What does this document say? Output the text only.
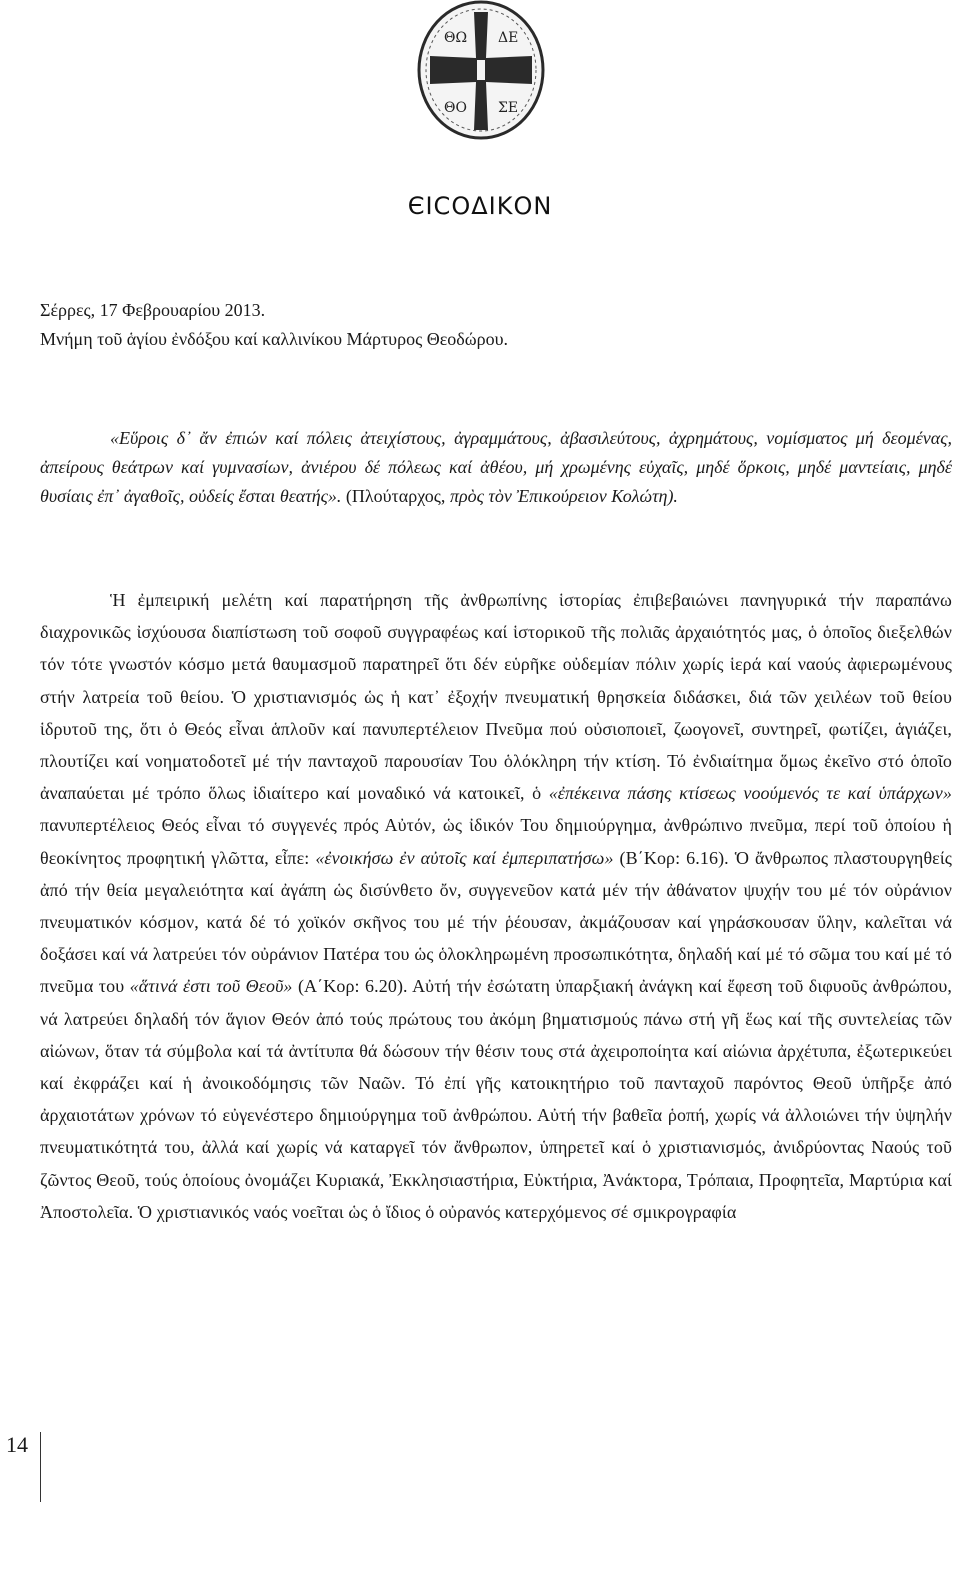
ΘΩ ΔΕ
ΘΟ ΣΕ
ЄΙϹΟΔΙΚΟΝ
Σέρρες, 17 Φεβρουαρίου 2013.
Μνήμη τοῦ ἁγίου ἐνδόξου καί καλλινίκου Μάρτυρος Θεοδώρου.
«Εὕροις δ᾽ ἄν ἐπιών καί πόλεις ἀτειχίστους, ἀγραμμάτους, ἀβασιλεύτους, ἀχρημάτους, νομίσματος μή δεομένας, ἀπείρους θεάτρων καί γυμνασίων, ἀνιέρου δέ πόλεως καί ἀθέου, μή χρωμένης εὐχαῖς, μηδέ ὅρκοις, μηδέ μαντείαις, μηδέ θυσίαις ἐπ᾽ ἀγαθοῖς, οὐδείς ἔσται θεατής». (Πλούταρχος, πρὸς τὸν Ἐπικούρειον Κολώτη).
Ἡ ἐμπειρική μελέτη καί παρατήρηση τῆς ἀνθρωπίνης ἱστορίας ἐπιβεβαιώνει πανηγυρικά τήν παραπάνω διαχρονικῶς ἰσχύουσα διαπίστωση τοῦ σοφοῦ συγγραφέως καί ἱστορικοῦ τῆς πολιᾶς ἀρχαιότητός μας, ὁ ὁποῖος διεξελθών τόν τότε γνωστόν κόσμο μετά θαυμασμοῦ παρατηρεῖ ὅτι δέν εὑρῆκε οὐδεμίαν πόλιν χωρίς ἱερά καί ναούς ἀφιερωμένους στήν λατρεία τοῦ θείου. Ὁ χριστιανισμός ὡς ἡ κατ᾽ ἐξοχήν πνευματική θρησκεία διδάσκει, διά τῶν χειλέων τοῦ θείου ἱδρυτοῦ της, ὅτι ὁ Θεός εἶναι ἁπλοῦν καί πανυπερτέλειον Πνεῦμα πού οὐσιοποιεῖ, ζωογονεῖ, συντηρεῖ, φωτίζει, ἁγιάζει, πλουτίζει καί νοηματοδοτεῖ μέ τήν πανταχοῦ παρουσίαν Του ὁλόκληρη τήν κτίση. Τό ἐνδιαίτημα ὅμως ἐκεῖνο στό ὁποῖο ἀναπαύεται μέ τρόπο ὅλως ἰδιαίτερο καί μοναδικό νά κατοικεῖ, ὁ «ἐπέκεινα πάσης κτίσεως νοούμενός τε καί ὑπάρχων» πανυπερτέλειος Θεός εἶναι τό συγγενές πρός Αὐτόν, ὡς ἰδικόν Του δημιούργημα, ἀνθρώπινο πνεῦμα, περί τοῦ ὁποίου ἡ θεοκίνητος προφητική γλῶττα, εἶπε: «ἐνοικήσω ἐν αὐτοῖς καί ἐμπεριπατήσω» (Β΄Κορ: 6.16). Ὁ ἄνθρωπος πλαστουργηθείς ἀπό τήν θεία μεγαλειότητα καί ἀγάπη ὡς δισύνθετο ὄν, συγγενεῦον κατά μέν τήν ἀθάνατον ψυχήν του μέ τόν οὐράνιον πνευματικόν κόσμον, κατά δέ τό χοϊκόν σκῆνος του μέ τήν ῥέουσαν, ἀκμάζουσαν καί γηράσκουσαν ὕλην, καλεῖται νά δοξάσει καί νά λατρεύει τόν οὐράνιον Πατέρα του ὡς ὁλοκληρωμένη προσωπικότητα, δηλαδή καί μέ τό σῶμα του καί μέ τό πνεῦμα του «ἅτινά ἐστι τοῦ Θεοῦ» (Α΄Κορ: 6.20). Αὐτή τήν ἐσώτατη ὑπαρξιακή ἀνάγκη καί ἔφεση τοῦ διφυοῦς ἀνθρώπου, νά λατρεύει δηλαδή τόν ἅγιον Θεόν ἀπό τούς πρώτους του ἀκόμη βηματισμούς πάνω στή γῆ ἕως καί τῆς συντελείας τῶν αἰώνων, ὅταν τά σύμβολα καί τά ἀντίτυπα θά δώσουν τήν θέσιν τους στά ἀχειροποίητα καί αἰώνια ἀρχέτυπα, ἐξωτερικεύει καί ἐκφράζει καί ἡ ἀνοικοδόμησις τῶν Ναῶν. Τό ἐπί γῆς κατοικητήριο τοῦ πανταχοῦ παρόντος Θεοῦ ὑπῆρξε ἀπό ἀρχαιοτάτων χρόνων τό εὐγενέστερο δημιούργημα τοῦ ἀνθρώπου. Αὐτή τήν βαθεῖα ῥοπή, χωρίς νά ἀλλοιώνει τήν ὑψηλήν πνευματικότητά του, ἀλλά καί χωρίς νά καταργεῖ τόν ἄνθρωπον, ὑπηρετεῖ καί ὁ χριστιανισμός, ἀνιδρύοντας Ναούς τοῦ ζῶντος Θεοῦ, τούς ὁποίους ὀνομάζει Κυριακά, Ἐκκλησιαστήρια, Εὐκτήρια, Ἀνάκτορα, Τρόπαια, Προφητεῖα, Μαρτύρια καί Ἀποστολεῖα. Ὁ χριστιανικός ναός νοεῖται ὡς ὁ ἴδιος ὁ οὐρανός κατερχόμενος σέ σμικρογραφία
14
